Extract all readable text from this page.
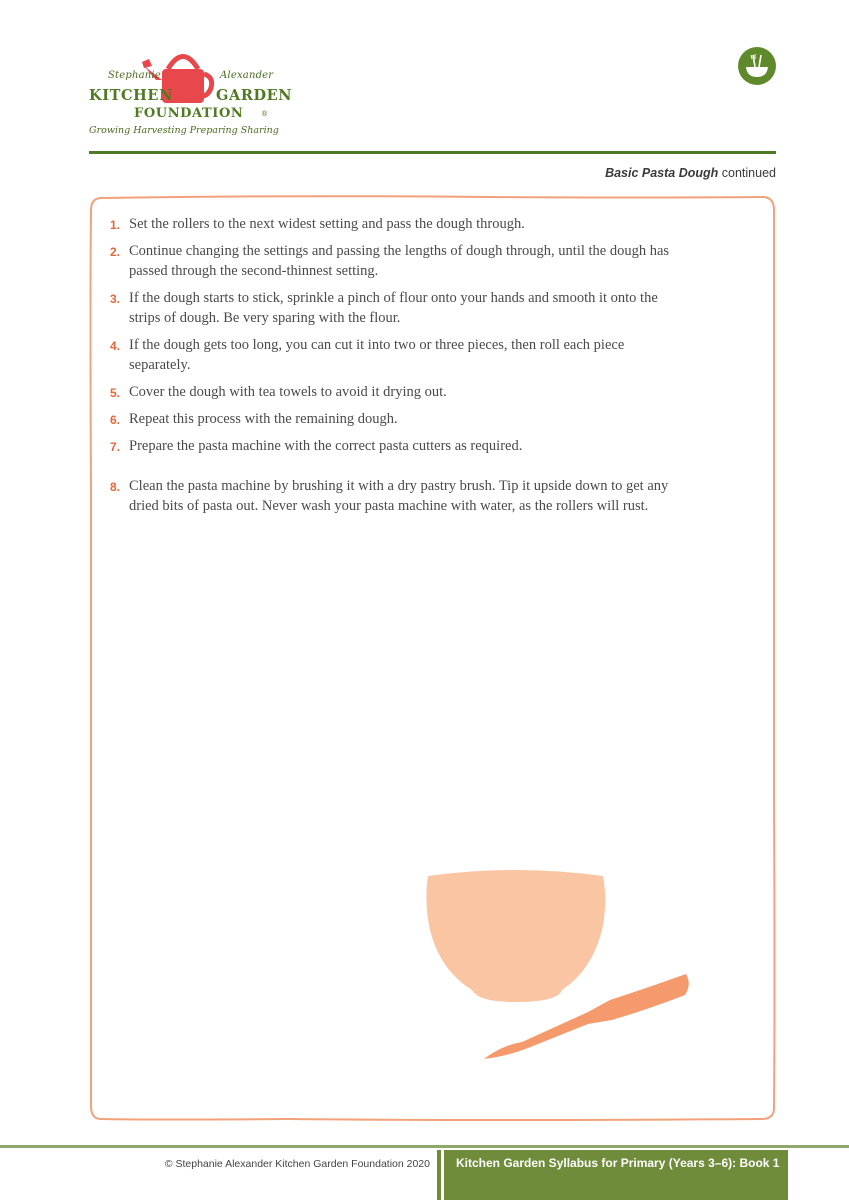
Stephanie	Alexander
KITCHEN	GARDEN
FOUNDATION	®
Growing Harvesting Preparing Sharing
Basic Pasta Dough continued
1. Set the rollers to the next widest setting and pass the dough through.
2. Continue changing the settings and passing the lengths of dough through, until the dough has passed through the second-thinnest setting.
3. If the dough starts to stick, sprinkle a pinch of flour onto your hands and smooth it onto the strips of dough. Be very sparing with the flour.
4. If the dough gets too long, you can cut it into two or three pieces, then roll each piece separately.
5. Cover the dough with tea towels to avoid it drying out.
6. Repeat this process with the remaining dough.
7. Prepare the pasta machine with the correct pasta cutters as required.
8. Clean the pasta machine by brushing it with a dry pastry brush. Tip it upside down to get any dried bits of pasta out. Never wash your pasta machine with water, as the rollers will rust.
© Stephanie Alexander Kitchen Garden Foundation 2020 Kitchen Garden Syllabus for Primary (Years 3–6): Book 1
